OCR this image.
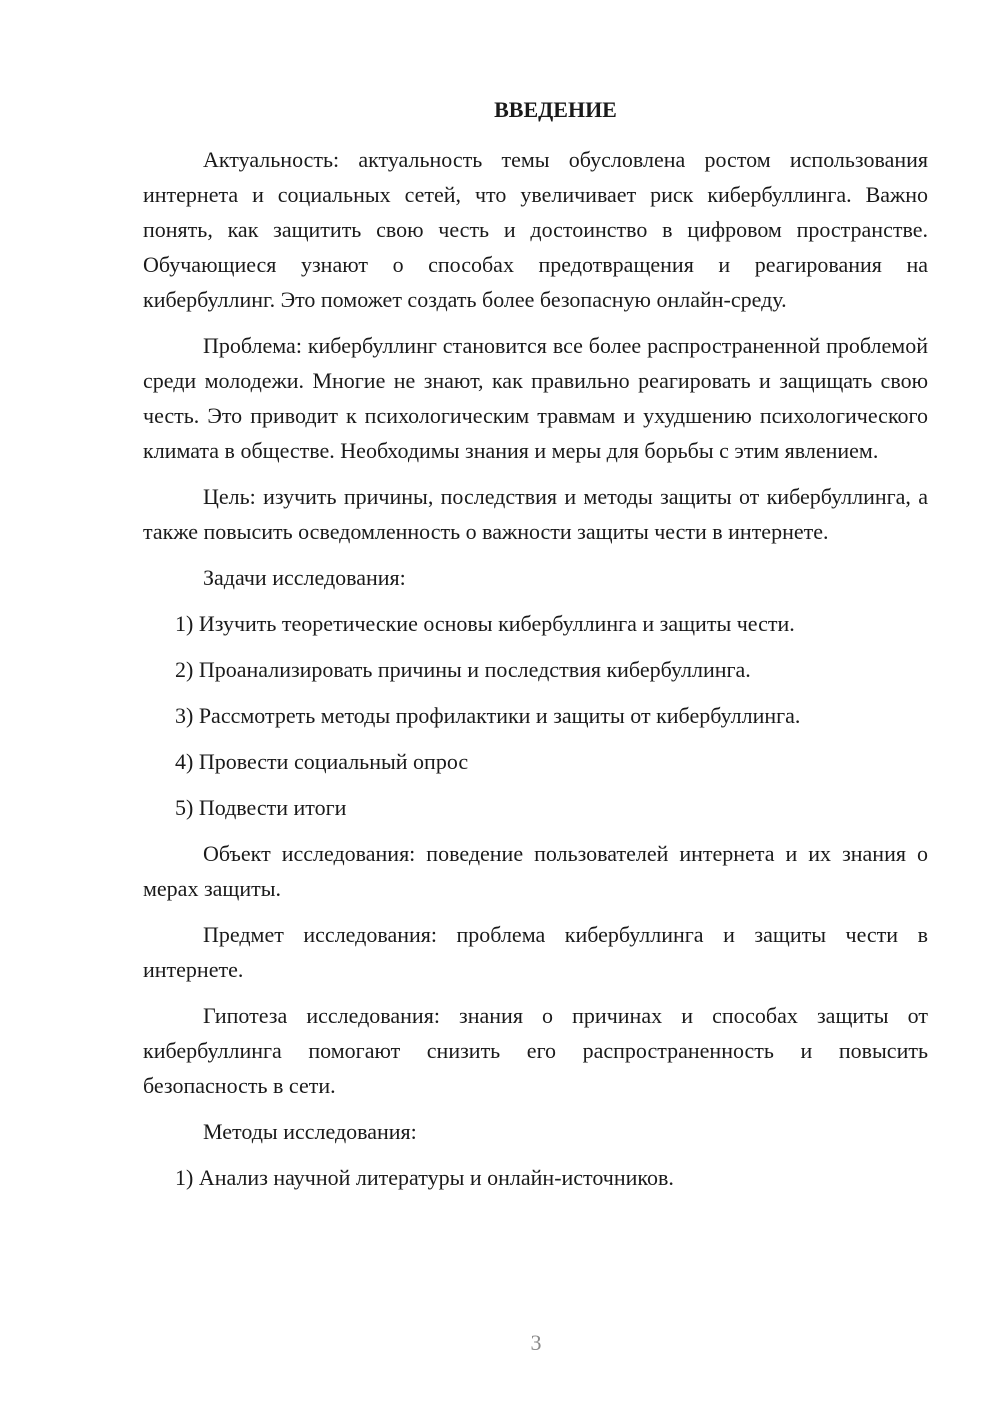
ВВЕДЕНИЕ

Актуальность: актуальность темы обусловлена ростом использования интернета и социальных сетей, что увеличивает риск кибербуллинга. Важно понять, как защитить свою честь и достоинство в цифровом пространстве. Обучающиеся узнают о способах предотвращения и реагирования на кибербуллинг. Это поможет создать более безопасную онлайн-среду.

Проблема: кибербуллинг становится все более распространенной проблемой среди молодежи. Многие не знают, как правильно реагировать и защищать свою честь. Это приводит к психологическим травмам и ухудшению психологического климата в обществе. Необходимы знания и меры для борьбы с этим явлением.

Цель: изучить причины, последствия и методы защиты от кибербуллинга, а также повысить осведомленность о важности защиты чести в интернете.

Задачи исследования:

1) Изучить теоретические основы кибербуллинга и защиты чести.

2) Проанализировать причины и последствия кибербуллинга.

3) Рассмотреть методы профилактики и защиты от кибербуллинга.

4) Провести социальный опрос

5) Подвести итоги

Объект исследования: поведение пользователей интернета и их знания о мерах защиты.

Предмет исследования: проблема кибербуллинга и защиты чести в интернете.

Гипотеза исследования: знания о причинах и способах защиты от кибербуллинга помогают снизить его распространенность и повысить безопасность в сети.

Методы исследования:

1) Анализ научной литературы и онлайн-источников.

3
